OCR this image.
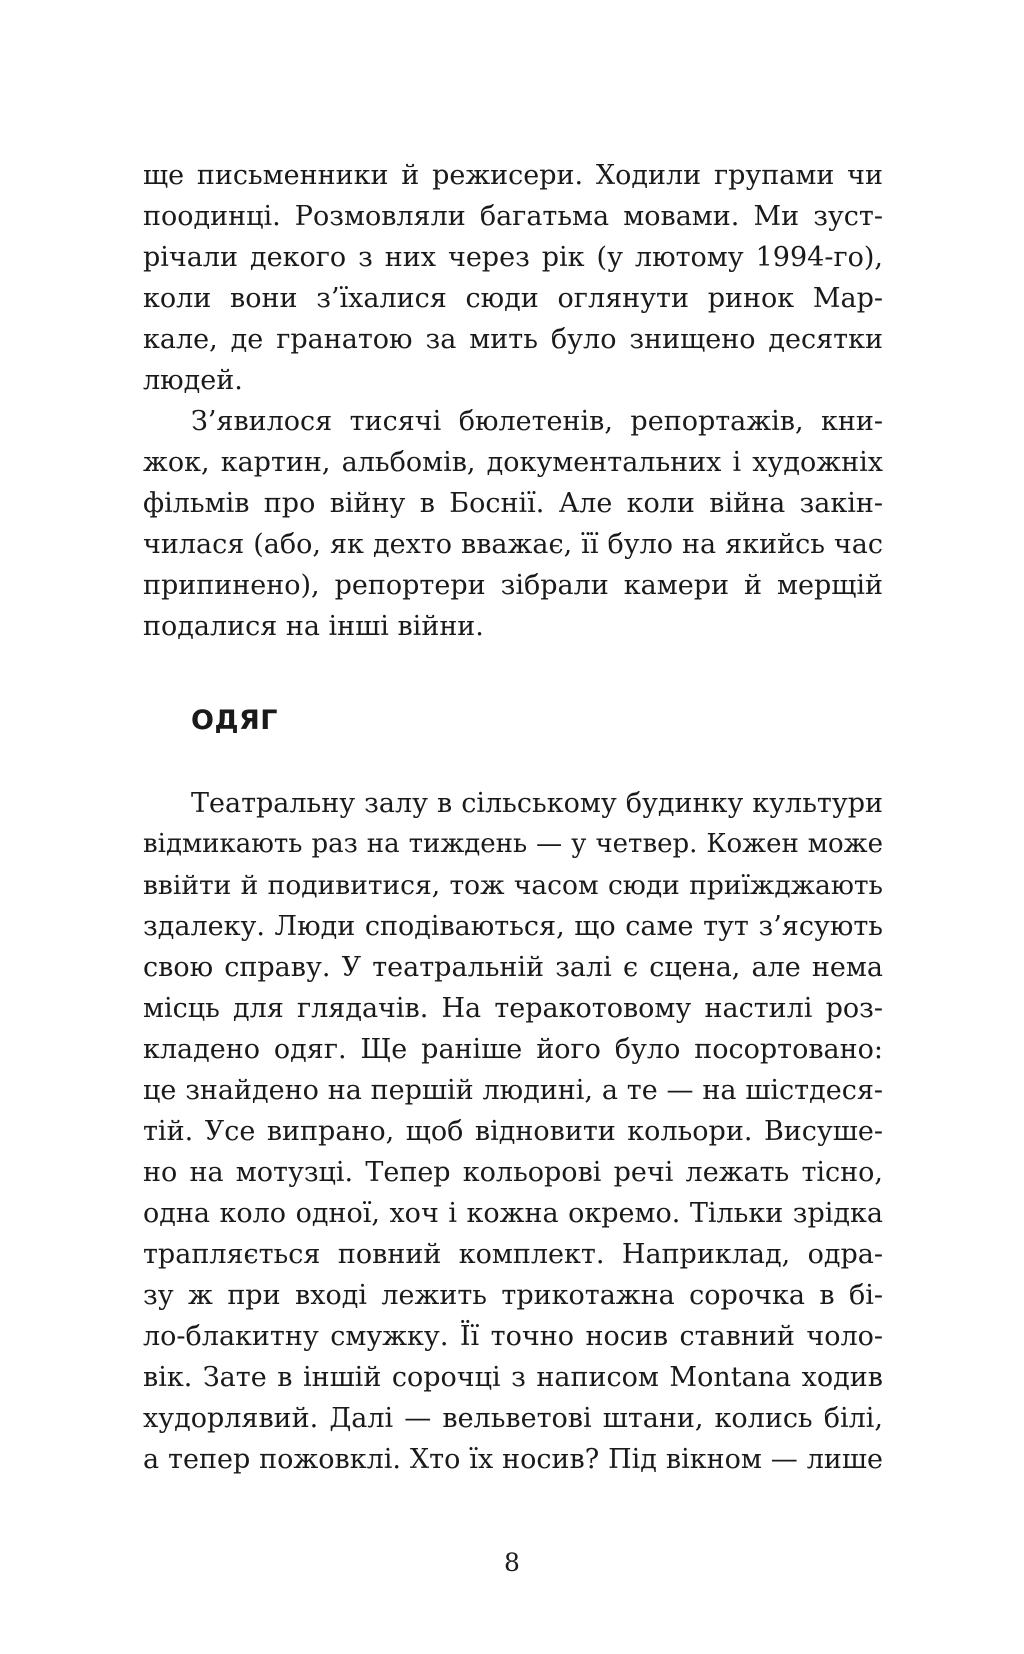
ще письменники й режисери. Ходили групами чи
поодинці. Розмовляли багатьма мовами. Ми зуст-
річали декого з них через рік (у лютому 1994-го),
коли вони з’їхалися сюди оглянути ринок Мар-
кале, де гранатою за мить було знищено десятки
людей.
З’явилося тисячі бюлетенів, репортажів, кни-
жок, картин, альбомів, документальних і художніх
фільмів про війну в Боснії. Але коли війна закін-
чилася (або, як дехто вважає, її було на якийсь час
припинено), репортери зібрали камери й мерщій
подалися на інші війни.
ОДЯГ
Театральну залу в сільському будинку культури
відмикають раз на тиждень — у четвер. Кожен може
ввійти й подивитися, тож часом сюди приїжджають
здалеку. Люди сподіваються, що саме тут з’ясують
свою справу. У театральній залі є сцена, але нема
місць для глядачів. На теракотовому настилі роз-
кладено одяг. Ще раніше його було посортовано:
це знайдено на першій людині, а те — на шістдеся-
тій. Усе випрано, щоб відновити кольори. Висуше-
но на мотузці. Тепер кольорові речі лежать тісно,
одна коло одної, хоч і кожна окремо. Тільки зрідка
трапляється повний комплект. Наприклад, одра-
зу ж при вході лежить трикотажна сорочка в бі-
ло-блакитну смужку. Її точно носив ставний чоло-
вік. Зате в іншій сорочці з написом Montana ходив
худорлявий. Далі — вельветові штани, колись білі,
а тепер пожовклі. Хто їх носив? Під вікном — лише
8
